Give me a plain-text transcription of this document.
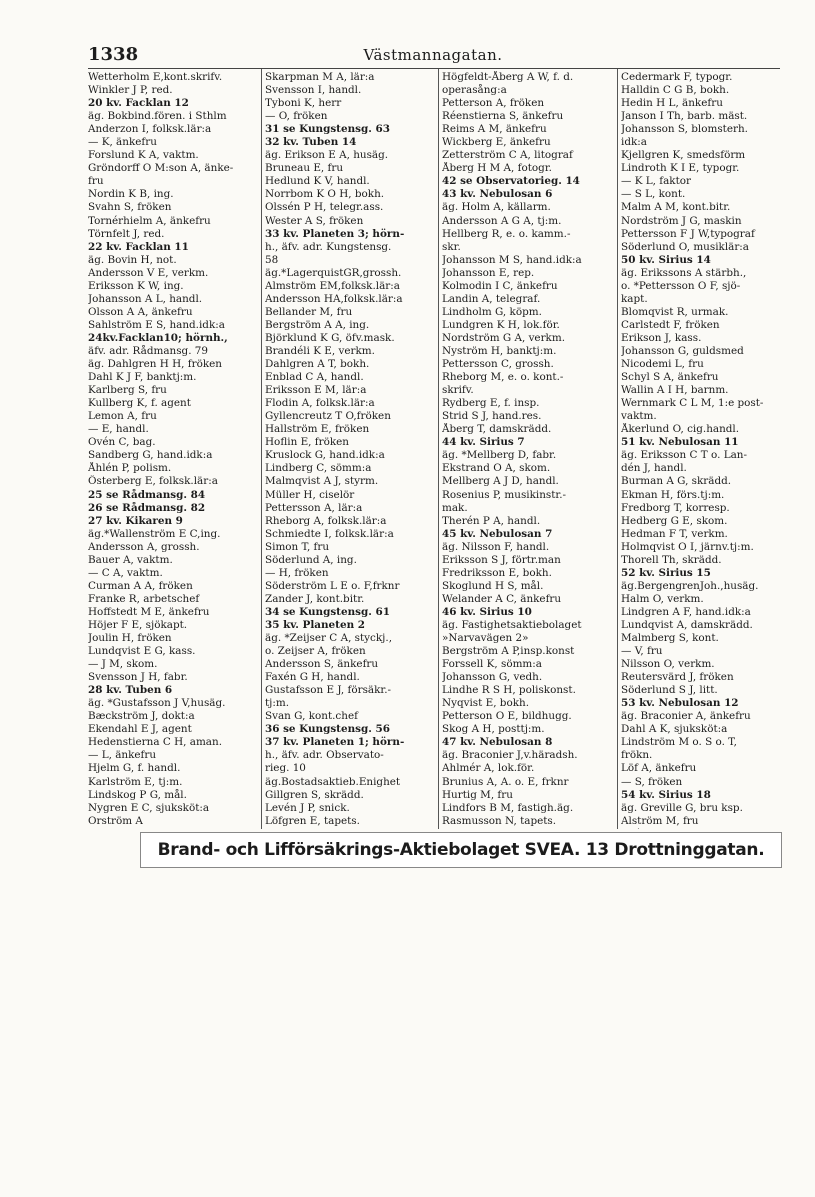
1338	Västmannagatan.
Wetterholm E,kont.skrifv.
Winkler J P, red.
20 kv. Facklan 12
äg. Bokbind.fören. i Sthlm
Anderzon I, folksk.lär:a
— K, änkefru
Forslund K A, vaktm.
Gröndorff O M:son A, änke-
fru
Nordin K B, ing.
Svahn S, fröken
Tornérhielm A, änkefru
Törnfelt J, red.
22 kv. Facklan 11
äg. Bovin H, not.
Andersson V E, verkm.
Eriksson K W, ing.
Johansson A L, handl.
Olsson A A, änkefru
Sahlström E S, hand.idk:a
24kv.Facklan10; hörnh.,
äfv. adr. Rådmansg. 79
äg. Dahlgren H H, fröken
Dahl K J F, banktj:m.
Karlberg S, fru
Kullberg K, f. agent
Lemon A, fru
— E, handl.
Ovén C, bag.
Sandberg G, hand.idk:a
Åhlén P, polism.
Österberg E, folksk.lär:a
25 se Rådmansg. 84
26 se Rådmansg. 82
27 kv. Kikaren 9
äg.*Wallenström E C,ing.
Andersson A, grossh.
Bauer A, vaktm.
— C A, vaktm.
Curman A A, fröken
Franke R, arbetschef
Hoffstedt M E, änkefru
Höjer F E, sjökapt.
Joulin H, fröken
Lundqvist E G, kass.
— J M, skom.
Svensson J H, fabr.
28 kv. Tuben 6
äg. *Gustafsson J V,husäg.
Bæckström J, dokt:a
Ekendahl E J, agent
Hedenstierna C H, aman.
— L, änkefru
Hjelm G, f. handl.
Karlström E, tj:m.
Lindskog P G, mål.
Nygren E C, sjuksköt:a
Orström A
Skarpman M A, lär:a
Svensson I, handl.
Tyboni K, herr
— O, fröken
31 se Kungstensg. 63
32 kv. Tuben 14
äg. Erikson E A, husäg.
Bruneau E, fru
Hedlund K V, handl.
Norrbom K O H, bokh.
Olssén P H, telegr.ass.
Wester A S, fröken
33 kv. Planeten 3; hörn-
h., äfv. adr. Kungstensg.
58
äg.*LagerquistGR,grossh.
Almström EM,folksk.lär:a
Andersson HA,folksk.lär:a
Bellander M, fru
Bergström A A, ing.
Björklund K G, öfv.mask.
Brandéli K E, verkm.
Dahlgren A T, bokh.
Enblad C A, handl.
Eriksson E M, lär:a
Flodin A, folksk.lär:a
Gyllencreutz T O,fröken
Hallström E, fröken
Hoflin E, fröken
Kruslock G, hand.idk:a
Lindberg C, sömm:a
Malmqvist A J, styrm.
Müller H, ciselör
Pettersson A, lär:a
Rheborg A, folksk.lär:a
Schmiedte I, folksk.lär:a
Simon T, fru
Söderlund A, ing.
— H, fröken
Söderström L E o. F,frknr
Zander J, kont.bitr.
34 se Kungstensg. 61
35 kv. Planeten 2
äg. *Zeijser C A, styckj.,
o. Zeijser A, fröken
Andersson S, änkefru
Faxén G H, handl.
Gustafsson E J, försäkr.-
tj:m.
Svan G, kont.chef
36 se Kungstensg. 56
37 kv. Planeten 1; hörn-
h., äfv. adr. Observato-
rieg. 10
äg.Bostadsaktieb.Enighet
Gillgren S, skrädd.
Levén J P, snick.
Löfgren E, tapets.
Högfeldt-Åberg A W, f. d.
operasång:a
Petterson A, fröken
Réenstierna S, änkefru
Reims A M, änkefru
Wickberg E, änkefru
Zetterström C A, litograf
Åberg H M A, fotogr.
42 se Observatorieg. 14
43 kv. Nebulosan 6
äg. Holm A, källarm.
Andersson A G A, tj:m.
Hellberg R, e. o. kamm.-
skr.
Johansson M S, hand.idk:a
Johansson E, rep.
Kolmodin I C, änkefru
Landin A, telegraf.
Lindholm G, köpm.
Lundgren K H, lok.för.
Nordström G A, verkm.
Nyström H, banktj:m.
Pettersson C, grossh.
Rheborg M, e. o. kont.-
skrifv.
Rydberg E, f. insp.
Strid S J, hand.res.
Åberg T, damskrädd.
44 kv. Sirius 7
äg. *Mellberg D, fabr.
Ekstrand O A, skom.
Mellberg A J D, handl.
Rosenius P, musikinstr.-
mak.
Therén P A, handl.
45 kv. Nebulosan 7
äg. Nilsson F, handl.
Eriksson S J, förtr.man
Fredriksson E, bokh.
Skoglund H S, mål.
Welander A C, änkefru
46 kv. Sirius 10
äg. Fastighetsaktiebolaget
»Narvavägen 2»
Bergström A P,insp.konst
Forssell K, sömm:a
Johansson G, vedh.
Lindhe R S H, poliskonst.
Nyqvist E, bokh.
Petterson O E, bildhugg.
Skog A H, posttj:m.
47 kv. Nebulosan 8
äg. Braconier J,v.häradsh.
Ahlmér A, lok.för.
Brunius A, A. o. E, frknr
Hurtig M, fru
Lindfors B M, fastigh.äg.
Rasmusson N, tapets.
Cedermark F, typogr.
Halldin C G B, bokh.
Hedin H L, änkefru
Janson I Th, barb. mäst.
Johansson S, blomsterh.
idk:a
Kjellgren K, smedsförm
Lindroth K I E, typogr.
— K L, faktor
— S L, kont.
Malm A M, kont.bitr.
Nordström J G, maskin
Pettersson F J W,typograf
Söderlund O, musiklär:a
50 kv. Sirius 14
äg. Erikssons A stärbh.,
o. *Pettersson O F, sjö-
kapt.
Blomqvist R, urmak.
Carlstedt F, fröken
Erikson J, kass.
Johansson G, guldsmed
Nicodemi L, fru
Schyl S A, änkefru
Wallin A I H, barnm.
Wernmark C L M, 1:e post-
vaktm.
Åkerlund O, cig.handl.
51 kv. Nebulosan 11
äg. Eriksson C T o. Lan-
dén J, handl.
Burman A G, skrädd.
Ekman H, förs.tj:m.
Fredborg T, korresp.
Hedberg G E, skom.
Hedman F T, verkm.
Holmqvist O I, järnv.tj:m.
Thorell Th, skrädd.
52 kv. Sirius 15
äg.BergengrenJoh.,husäg.
Halm O, verkm.
Lindgren A F, hand.idk:a
Lundqvist A, damskrädd.
Malmberg S, kont.
— V, fru
Nilsson O, verkm.
Reutersvärd J, fröken
Söderlund S J, litt.
53 kv. Nebulosan 12
äg. Braconier A, änkefru
Dahl A K, sjuksköt:a
Lindström M o. S o. T,
frökn.
Löf A, änkefru
— S, fröken
54 kv. Sirius 18
äg. Greville G, bru ksp.
Alström M, fru
Brand- och Lifförsäkrings-Aktiebolaget SVEA. 13 Drottninggatan.
